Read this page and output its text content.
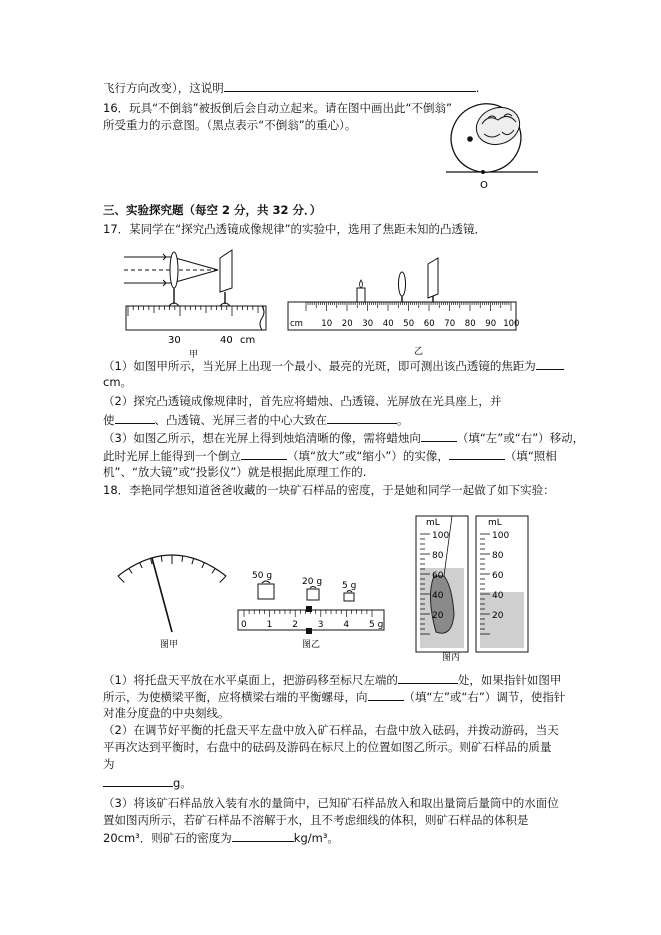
飞行方向改变），这说明	.
16．玩具“不倒翁”被扳倒后会自动立起来。请在图中画出此“不倒翁”
所受重力的示意图。（黑点表示“不倒翁”的重心）。
O
三、实验探究题（每空 2 分，共 32 分．）
17．某同学在“探究凸透镜成像规律”的实验中，选用了焦距未知的凸透镜．
30	40 cm
甲
cm 10 20 30 40 50 60 70 80 90 100
乙
（1）如图甲所示，当光屏上出现一个最小、最亮的光斑，即可测出该凸透镜的焦距为
cm。
（2）探究凸透镜成像规律时，首先应将蜡烛、凸透镜、光屏放在光具座上，并
使	、凸透镜、光屏三者的中心大致在	。
（3）如图乙所示，想在光屏上得到烛焰清晰的像，需将蜡烛向	（填“左”或“右”）移动，
此时光屏上能得到一个倒立	（填“放大”或“缩小”）的实像，	（填“照相
机”、“放大镜”或“投影仪”）就是根据此原理工作的.
18．李艳同学想知道爸爸收藏的一块矿石样品的密度，于是她和同学一起做了如下实验：
图甲
50 g
20 g 5 g
0 1 2 3 4 5 g
图乙
mL
100
80
60
40
20
mL
100
80
60
40
20
图丙
（1）将托盘天平放在水平桌面上，把游码移至标尺左端的	处，如果指针如图甲
所示，为使横梁平衡，应将横梁右端的平衡螺母，向	（填“左”或“右”）调节，使指针
对准分度盘的中央刻线。
（2）在调节好平衡的托盘天平左盘中放入矿石样品，右盘中放入砝码，并拨动游码，当天
平再次达到平衡时，右盘中的砝码及游码在标尺上的位置如图乙所示。则矿石样品的质量
为
g。
（3）将该矿石样品放入装有水的量筒中，已知矿石样品放入和取出量筒后量筒中的水面位
置如图丙所示，若矿石样品不溶解于水，且不考虑细线的体积，则矿石样品的体积是
20cm³．则矿石的密度为	kg/m³。
